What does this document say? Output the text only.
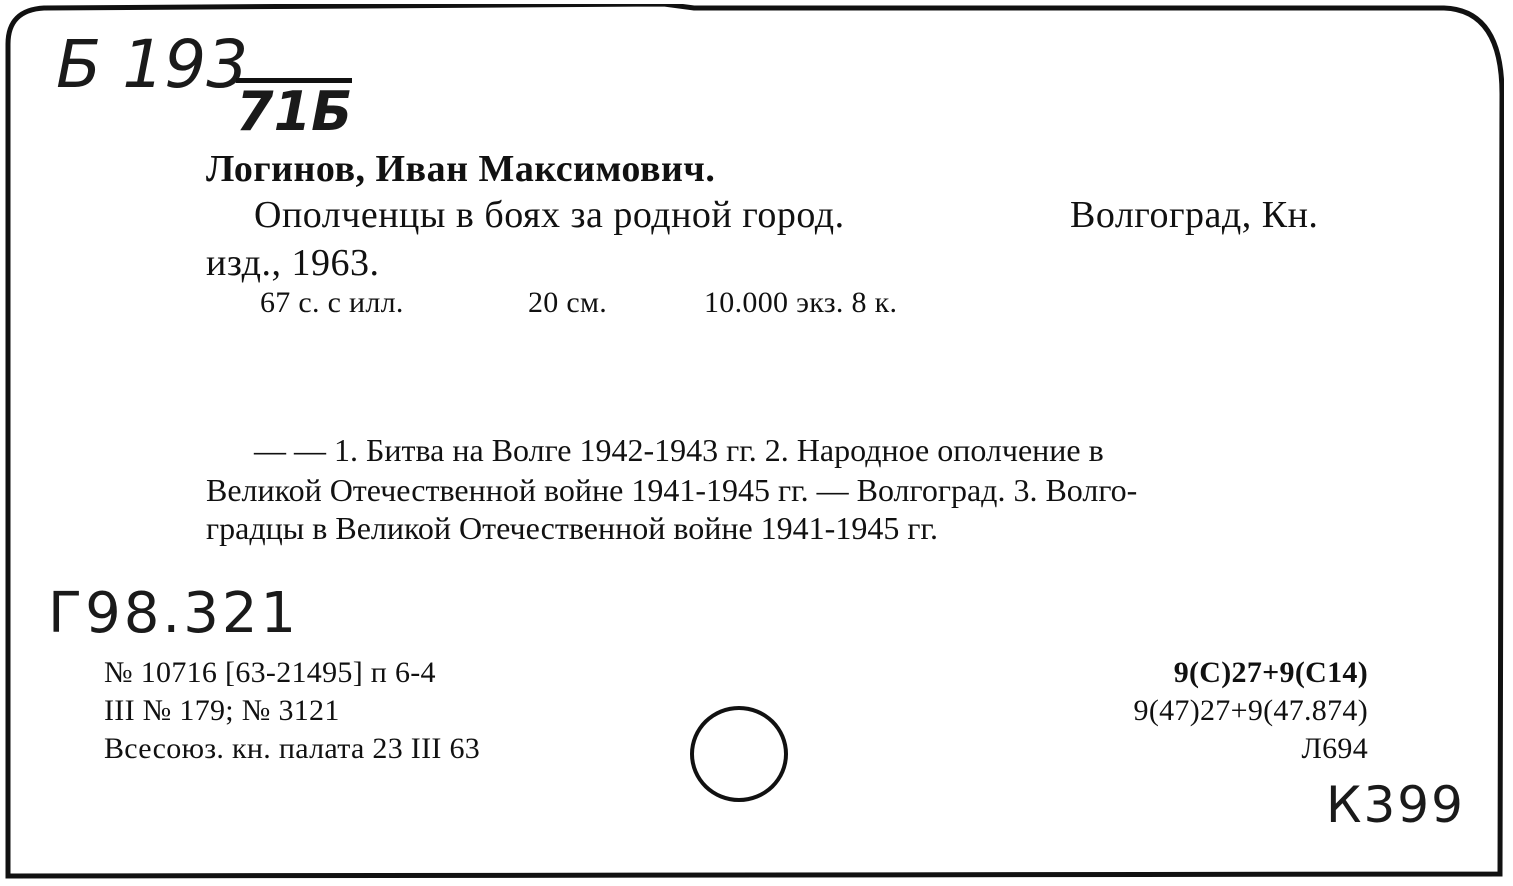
Б 193
71Б
Логинов, Иван Максимович.
Ополченцы в боях за родной город.	Волгоград, Кн.
изд., 1963.
67 с. с илл.	20 см.	10.000 экз. 8 к.
— — 1. Битва на Волге 1942-1943 гг. 2. Народное ополчение в
Великой Отечественной войне 1941-1945 гг. — Волгоград. 3. Волго-
градцы в Великой Отечественной войне 1941-1945 гг.
Г98.321
№ 10716 [63-21495] п 6-4
III № 179; № 3121
Всесоюз. кн. палата 23 III 63
9(С)27+9(С14)
9(47)27+9(47.874)
Л694
К399
